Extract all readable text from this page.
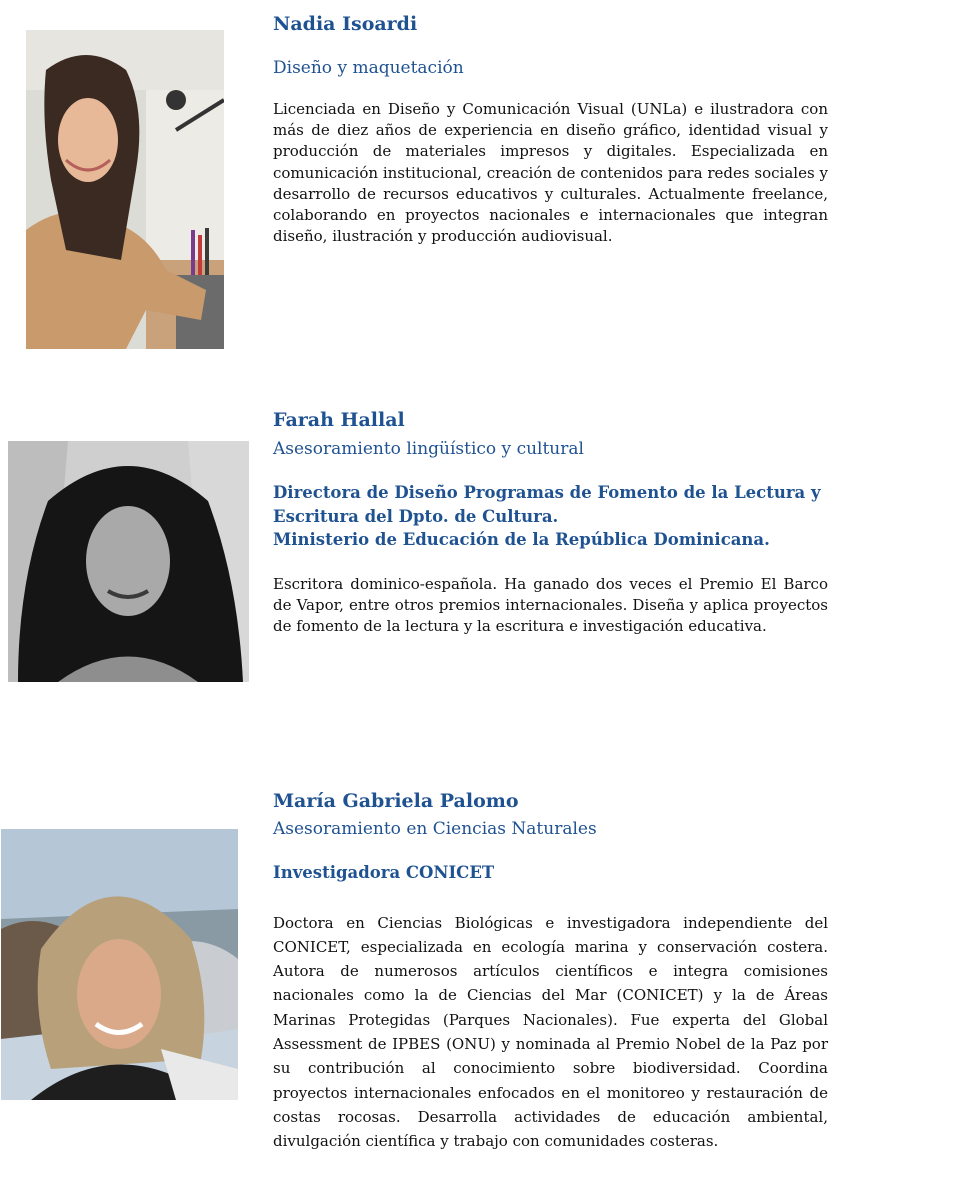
Nadia Isoardi

Diseño y maquetación

Licenciada en Diseño y Comunicación Visual (UNLa) e ilustradora con más de diez años de experiencia en diseño gráfico, identidad visual y producción de materiales impresos y digitales. Especializada en comunicación institucional, creación de contenidos para redes sociales y desarrollo de recursos educativos y culturales. Actualmente freelance, colaborando en proyectos nacionales e internacionales que integran diseño, ilustración y producción audiovisual.

Farah Hallal

Asesoramiento lingüístico y cultural

Directora de Diseño Programas de Fomento de la Lectura y

Escritura del Dpto. de Cultura.

Ministerio de Educación de la República Dominicana.

Escritora dominico-española. Ha ganado dos veces el Premio El Barco de Vapor, entre otros premios internacionales. Diseña y aplica proyectos de fomento de la lectura y la escritura e investigación educativa.

María Gabriela Palomo

Asesoramiento en Ciencias Naturales

Investigadora CONICET

Doctora en Ciencias Biológicas e investigadora independiente del CONICET, especializada en ecología marina y conservación costera. Autora de numerosos artículos científicos e integra comisiones nacionales como la de Ciencias del Mar (CONICET) y la de Áreas Marinas Protegidas (Parques Nacionales). Fue experta del Global Assessment de IPBES (ONU) y nominada al Premio Nobel de la Paz por su contribución al conocimiento sobre biodiversidad. Coordina proyectos internacionales enfocados en el monitoreo y restauración de costas rocosas. Desarrolla actividades de educación ambiental, divulgación científica y trabajo con comunidades costeras.
